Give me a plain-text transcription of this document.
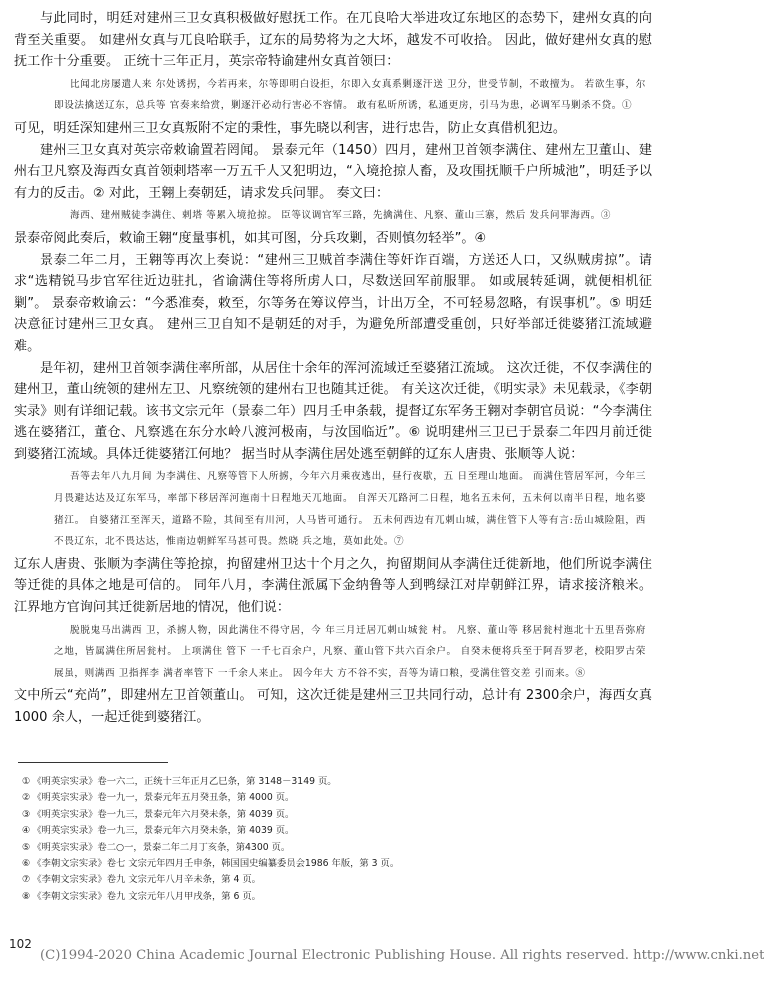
与此同时，明廷对建州三卫女真积极做好慰抚工作。在兀良哈大举进攻辽东地区的态势下，建州女真的向背至关重要。 如建州女真与兀良哈联手，辽东的局势将为之大坏，越发不可收拾。 因此，做好建州女真的慰抚工作十分重要。 正统十三年正月，英宗帝特谕建州女真首领曰：

比闻北房屡遣人来 尔处诱拐，今若再来，尔等即明白设拒，尔即入女真系剿逐汗送 卫分，世受节制，不敢擅为。 若欲生事，尔即设法擒送辽东，总兵等 官奏来给赏，剿逐汗必动行害必不容情。 敢有私昕所诱，私通更房，引马为患，必调军马剿杀不贷。①

可见，明廷深知建州三卫女真叛附不定的秉性，事先晓以利害，进行忠告，防止女真借机犯边。

建州三卫女真对英宗帝敕谕置若罔闻。 景泰元年（1450）四月，建州卫首领李满住、建州左卫董山、建州右卫凡察及海西女真首领剌塔率一万五千人又犯明边，“入境抢掠人畜，及攻围抚顺千户所城池”，明廷予以有力的反击。② 对此，王翱上奏朝廷，请求发兵问罪。 奏文曰：

海西、建州贼徒李满住、剌塔 等累入境抢掠。 臣等议调官军三路，先擒满住、凡察、董山三寨，然后 发兵问罪海西。③

景泰帝阅此奏后，敕谕王翱“度量事机，如其可图，分兵攻剿，否则慎勿轻举”。④

景泰二年二月，王翱等再次上奏说：“建州三卫贼首李满住等奸诈百端，方送还人口，又纵贼虏掠”。请求“选精锐马步官军往近边驻扎，省谕满住等将所虏人口，尽数送回军前服罪。 如或展转延调，就便相机征剿”。 景泰帝敕谕云：“今悉准奏，敕至，尔等务在筹议停当，计出万全，不可轻易忽略，有误事机”。⑤ 明廷决意征讨建州三卫女真。 建州三卫自知不是朝廷的对手，为避免所部遭受重创，只好举部迁徙婆猪江流域避难。

是年初，建州卫首领李满住率所部，从居住十余年的浑河流域迁至婆猪江流域。 这次迁徙，不仅李满住的建州卫，董山统领的建州左卫、凡察统领的建州右卫也随其迁徙。 有关这次迁徙，《明实录》未见载录，《李朝实录》则有详细记载。该书文宗元年（景泰二年）四月壬申条载，提督辽东军务王翱对李朝官员说：“今李满住逃在婆猪江，董仓、凡察逃在东分水岭八渡河极南，与汝国临近”。⑥ 说明建州三卫已于景泰二年四月前迁徙到婆猪江流域。具体迁徙婆猪江何地？ 据当时从李满住居处逃至朝鲜的辽东人唐贵、张顺等人说：

吾等去年八九月间 为李满住、凡察等管下人所掳，今年六月乘夜逃出，昼行夜歇，五 日至理山地面。 而满住管居军河，今年三月畏避达达及辽东军马，率部下移居浑河迤南十日程地天兀地面。 自浑天兀路河二日程，地名五未何，五未何以南半日程，地名婆猪江。 自婆猪江至浑天，道路不险，其间至有川河，人马皆可通行。 五未何西边有兀刺山城，满住管下人等有言:岳山城险阻，西不畏辽东，北不畏达达，惟南边朝鲜军马甚可畏。然晓 兵之地，莫如此处。⑦

辽东人唐贵、张顺为李满住等抢掠，拘留建州卫达十个月之久，拘留期间从李满住迁徙新地，他们所说李满住等迁徙的具体之地是可信的。 同年八月，李满住派属下金纳鲁等人到鸭绿江对岸朝鲜江界，请求接济粮米。 江界地方官询问其迁徙新居地的情况，他们说：

脱脱鬼马出满西 卫，杀掳人物，因此满住不得守居，今 年三月迁居兀刺山城瓮 村。 凡察、董山等 移居瓮村迤北十五里吾弥府 之地，皆属满住所居瓮村。 上项满住 管下 一千七百余户，凡察、董山管下共六百余户。 自癸未便将兵至于阿吾罗老，校阳罗古荣展虽，则满西 卫指挥李 满者率管下 一千余人来止。 因今年大 方不谷不实，吾等为请口粮，受满住管交差 引而来。⑧

文中所云“充尚”，即建州左卫首领董山。 可知，这次迁徙是建州三卫共同行动，总计有 2300余户，海西女真1000 余人，一起迁徙到婆猪江。

① 《明英宗实录》卷一六二，正统十三年正月乙巳条，第 3148－3149 页。
② 《明英宗实录》卷一九一，景泰元年五月癸丑条，第 4000 页。
③ 《明英宗实录》卷一九三，景泰元年六月癸未条，第 4039 页。
④ 《明英宗实录》卷一九三，景泰元年六月癸未条，第 4039 页。
⑤ 《明英宗实录》卷二○一，景泰二年二月丁亥条，第4300 页。
⑥ 《李朝文宗实录》卷七 文宗元年四月壬申条，韩国国史编纂委员会1986 年版，第 3 页。
⑦ 《李朝文宗实录》卷九 文宗元年八月辛未条，第 4 页。
⑧ 《李朝文宗实录》卷九 文宗元年八月甲戌条，第 6 页。
102
(C)1994-2020 China Academic Journal Electronic Publishing House. All rights reserved. http://www.cnki.net
